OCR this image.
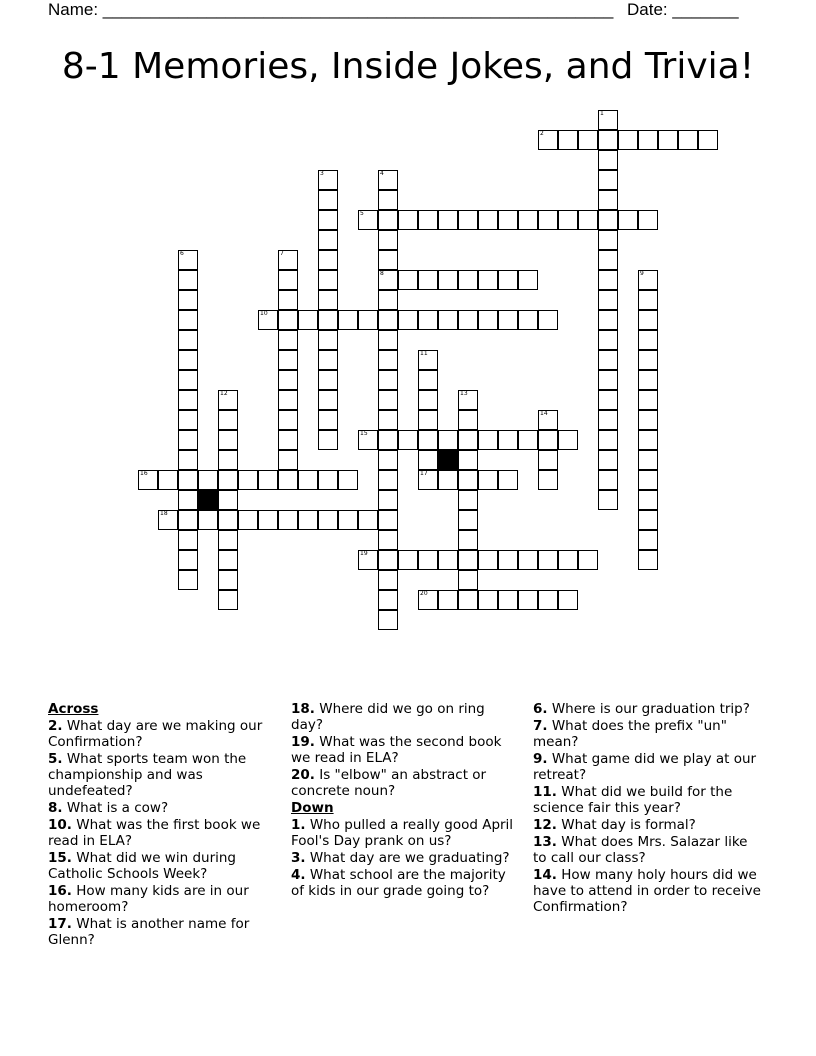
Name: ______________________________________________________ Date: _______
8-1 Memories, Inside Jokes, and Trivia!
2
5
8
10
15
16	17
18
19
20
1
3	4
6	7
9
11
12	13
14
Across
2. What day are we making our Confirmation?
5. What sports team won the championship and was undefeated?
8. What is a cow?
10. What was the first book we read in ELA?
15. What did we win during Catholic Schools Week?
16. How many kids are in our homeroom?
17. What is another name for Glenn?
18. Where did we go on ring day?
19. What was the second book we read in ELA?
20. Is "elbow" an abstract or concrete noun?
Down
1. Who pulled a really good April Fool's Day prank on us?
3. What day are we graduating?
4. What school are the majority of kids in our grade going to?
6. Where is our graduation trip?
7. What does the prefix "un" mean?
9. What game did we play at our retreat?
11. What did we build for the science fair this year?
12. What day is formal?
13. What does Mrs. Salazar like to call our class?
14. How many holy hours did we have to attend in order to receive Confirmation?
